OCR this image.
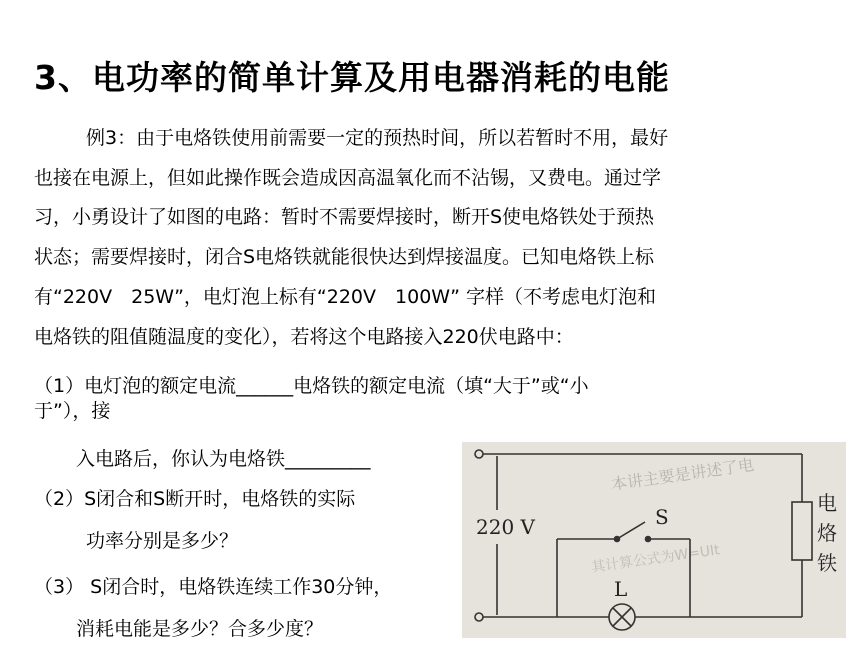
3、电功率的简单计算及用电器消耗的电能
例3：由于电烙铁使用前需要一定的预热时间，所以若暂时不用，最好
也接在电源上，但如此操作既会造成因高温氧化而不沾锡，又费电。通过学
习，小勇设计了如图的电路：暂时不需要焊接时，断开S使电烙铁处于预热
状态；需要焊接时，闭合S电烙铁就能很快达到焊接温度。已知电烙铁上标
有“220V　25W”，电灯泡上标有“220V　100W” 字样（不考虑电灯泡和
电烙铁的阻值随温度的变化），若将这个电路接入220伏电路中：
（1）电灯泡的额定电流______电烙铁的额定电流（填“大于”或“小
于”），接
入电路后，你认为电烙铁_________
（2）S闭合和S断开时，电烙铁的实际
功率分别是多少？
（3） S闭合时，电烙铁连续工作30分钟，
消耗电能是多少？合多少度？
本讲主要是讲述了电
其计算公式为W=UIt
220 V	S
L
电
烙
铁
